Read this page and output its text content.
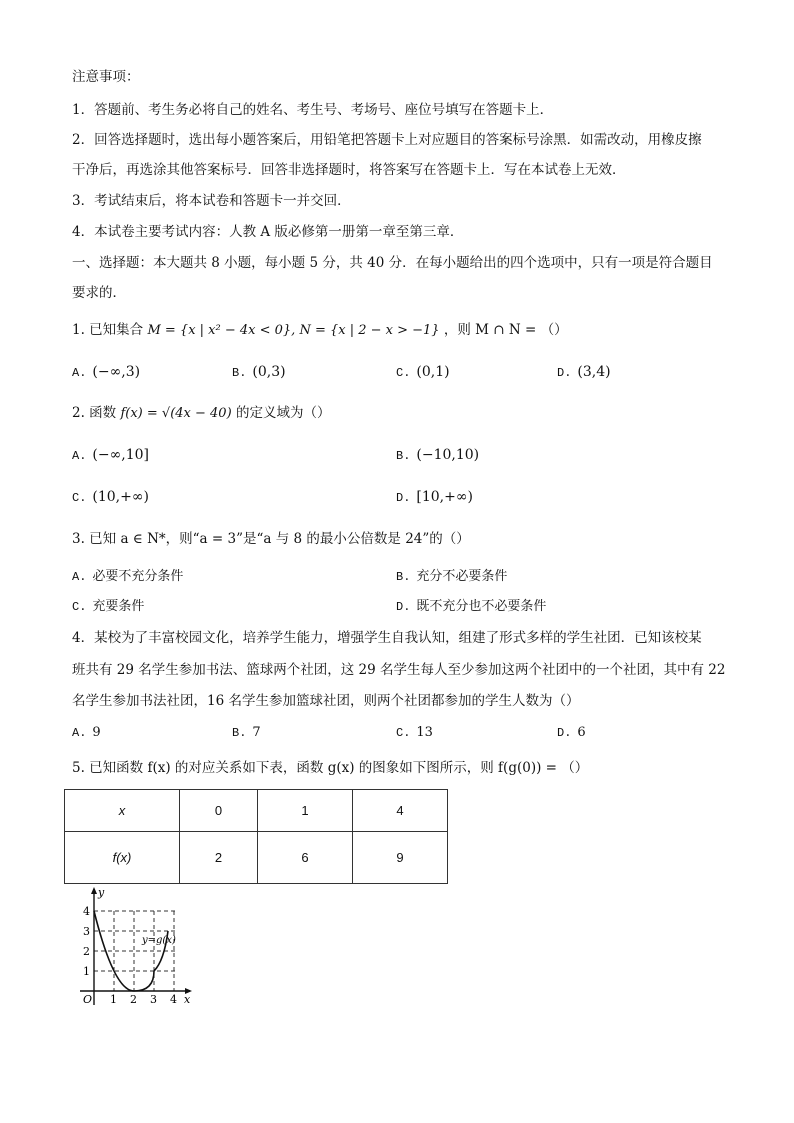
注意事项：
1．答题前、考生务必将自己的姓名、考生号、考场号、座位号填写在答题卡上．
2．回答选择题时，选出每小题答案后，用铅笔把答题卡上对应题目的答案标号涂黑．如需改动，用橡皮擦
干净后，再选涂其他答案标号．回答非选择题时，将答案写在答题卡上．写在本试卷上无效．
3．考试结束后，将本试卷和答题卡一并交回．
4．本试卷主要考试内容：人教 A 版必修第一册第一章至第三章．
一、选择题：本大题共 8 小题，每小题 5 分，共 40 分．在每小题给出的四个选项中，只有一项是符合题目
要求的．
1. 已知集合 M = {x | x² − 4x < 0}, N = {x | 2 − x > −1} ，则 M ∩ N = （）
A. (−∞,3)	B. (0,3)	C. (0,1)	D. (3,4)
2. 函数 f(x) = √(4x − 40) 的定义域为（）
A. (−∞,10]	B. (−10,10)
C. (10,+∞)	D. [10,+∞)
3. 已知 a ∈ N*，则“a = 3”是“a 与 8 的最小公倍数是 24”的（）
A. 必要不充分条件	B. 充分不必要条件
C. 充要条件	D. 既不充分也不必要条件
4．某校为了丰富校园文化，培养学生能力，增强学生自我认知，组建了形式多样的学生社团．已知该校某
班共有 29 名学生参加书法、篮球两个社团，这 29 名学生每人至少参加这两个社团中的一个社团，其中有 22
名学生参加书法社团，16 名学生参加篮球社团，则两个社团都参加的学生人数为（）
A. 9	B. 7	C. 13	D. 6
5. 已知函数 f(x) 的对应关系如下表，函数 g(x) 的图象如下图所示，则 f(g(0)) = （）
x	0	1	4
f(x)	2	6	9
y
x
O
y=g(x)
1 2 3 4
1
2
3
4
